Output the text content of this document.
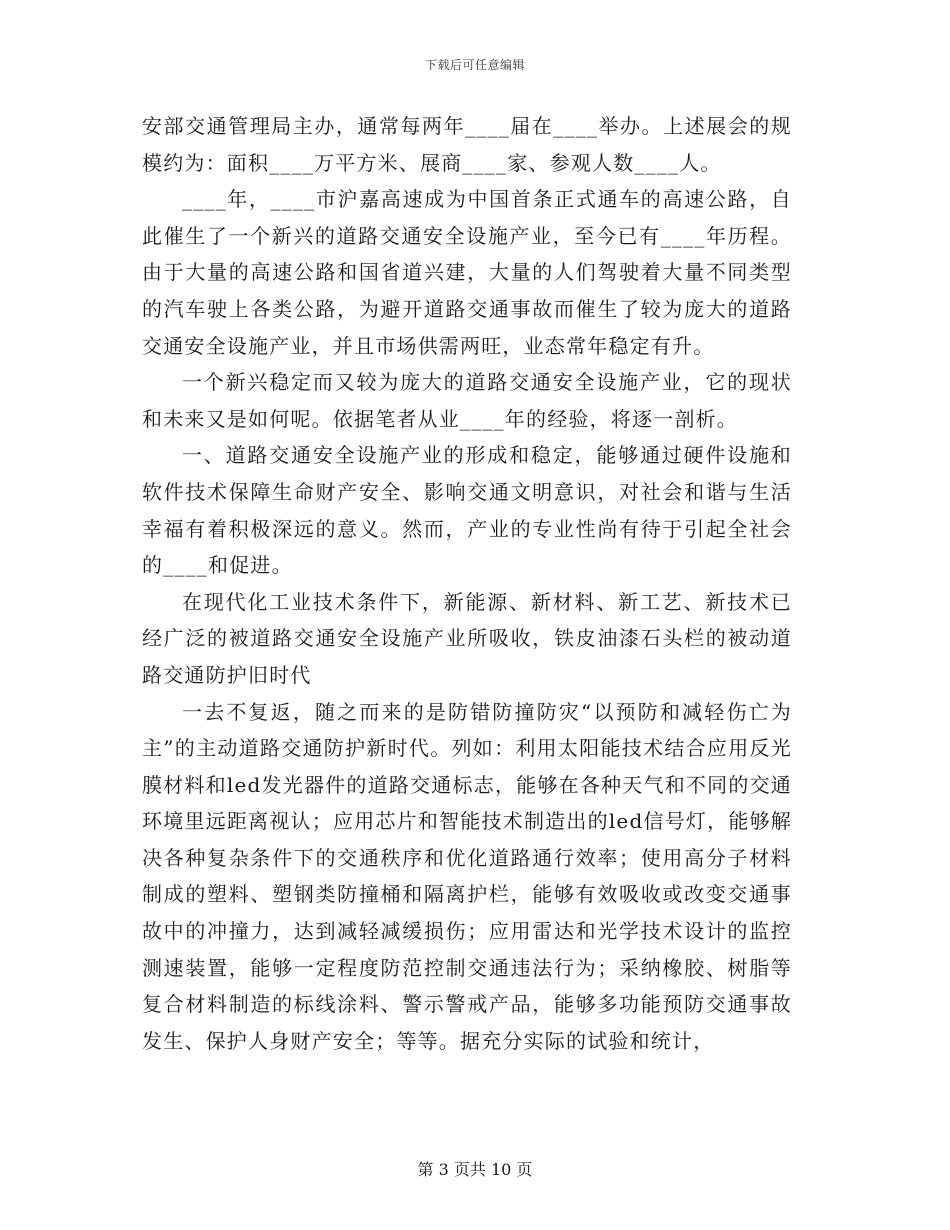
下载后可任意编辑

安部交通管理局主办，通常每两年____届在____举办。上述展会的规模约为：面积____万平方米、展商____家、参观人数____人。

____年，____市沪嘉高速成为中国首条正式通车的高速公路，自此催生了一个新兴的道路交通安全设施产业，至今已有____年历程。由于大量的高速公路和国省道兴建，大量的人们驾驶着大量不同类型的汽车驶上各类公路，为避开道路交通事故而催生了较为庞大的道路交通安全设施产业，并且市场供需两旺，业态常年稳定有升。

一个新兴稳定而又较为庞大的道路交通安全设施产业，它的现状和未来又是如何呢。依据笔者从业____年的经验，将逐一剖析。

一、道路交通安全设施产业的形成和稳定，能够通过硬件设施和软件技术保障生命财产安全、影响交通文明意识，对社会和谐与生活幸福有着积极深远的意义。然而，产业的专业性尚有待于引起全社会的____和促进。

在现代化工业技术条件下，新能源、新材料、新工艺、新技术已经广泛的被道路交通安全设施产业所吸收，铁皮油漆石头栏的被动道路交通防护旧时代

一去不复返，随之而来的是防错防撞防灾“以预防和减轻伤亡为主”的主动道路交通防护新时代。列如：利用太阳能技术结合应用反光膜材料和led发光器件的道路交通标志，能够在各种天气和不同的交通环境里远距离视认；应用芯片和智能技术制造出的led信号灯，能够解决各种复杂条件下的交通秩序和优化道路通行效率；使用高分子材料制成的塑料、塑钢类防撞桶和隔离护栏，能够有效吸收或改变交通事故中的冲撞力，达到减轻减缓损伤；应用雷达和光学技术设计的监控测速装置，能够一定程度防范控制交通违法行为；采纳橡胶、树脂等复合材料制造的标线涂料、警示警戒产品，能够多功能预防交通事故发生、保护人身财产安全；等等。据充分实际的试验和统计，

第 3 页共 10 页
